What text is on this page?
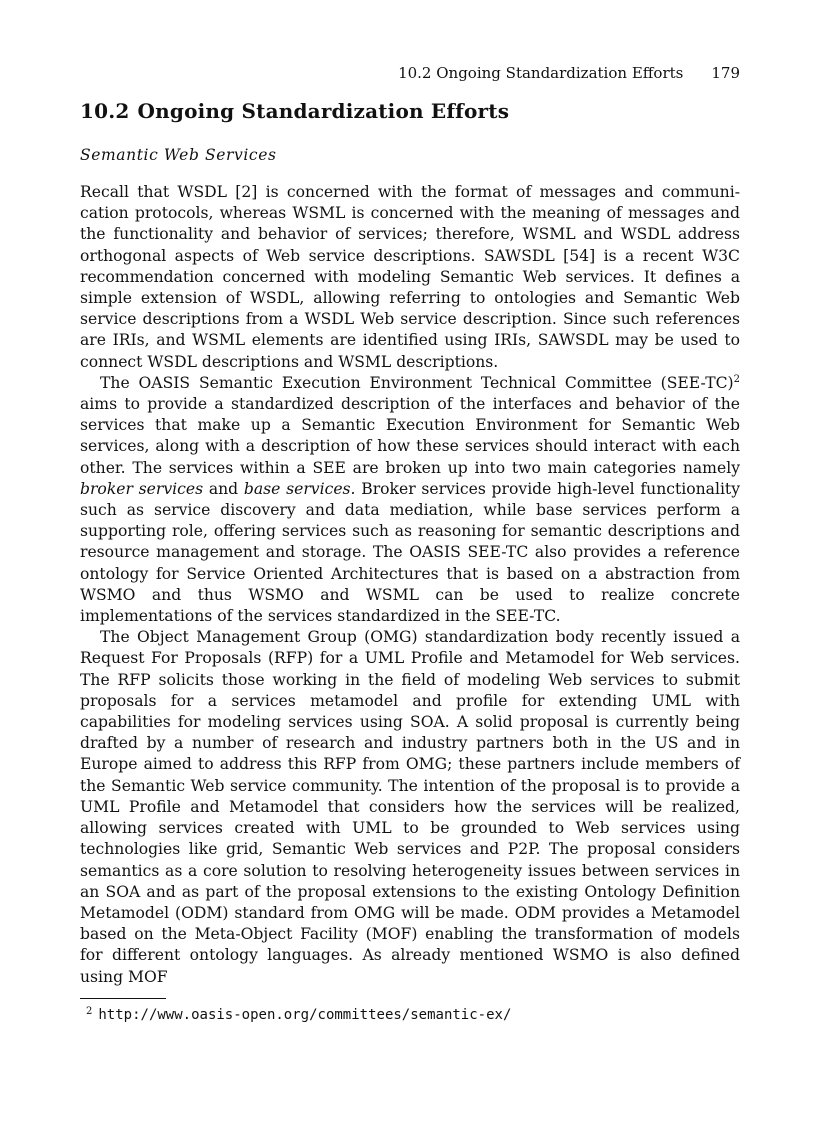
10.2 Ongoing Standardization Efforts 179
10.2 Ongoing Standardization Efforts
Semantic Web Services

Recall that WSDL [2] is concerned with the format of messages and communication protocols, whereas WSML is concerned with the meaning of messages and the functionality and behavior of services; therefore, WSML and WSDL address orthogonal aspects of Web service descriptions. SAWSDL [54] is a recent W3C recommendation concerned with modeling Semantic Web services. It defines a simple extension of WSDL, allowing referring to ontologies and Semantic Web service descriptions from a WSDL Web service description. Since such references are IRIs, and WSML elements are identified using IRIs, SAWSDL may be used to connect WSDL descriptions and WSML descriptions.

The OASIS Semantic Execution Environment Technical Committee $(SEE-TC)^2$ aims to provide a standardized description of the interfaces and behavior of the services that make up a Semantic Execution Environment for Semantic Web services, along with a description of how these services should interact with each other. The services within a SEE are broken up into two main categories namely broker services and base services. Broker services provide high-level functionality such as service discovery and data mediation, while base services perform a supporting role, offering services such as reasoning for semantic descriptions and resource management and storage. The OASIS SEE-TC also provides a reference ontology for Service Oriented Architectures that is based on a abstraction from WSMO and thus WSMO and WSML can be used to realize concrete implementations of the services standardized in the SEE-TC.

The Object Management Group (OMG) standardization body recently issued a Request For Proposals (RFP) for a UML Profile and Metamodel for Web services. The RFP solicits those working in the field of modeling Web services to submit proposals for a services metamodel and profile for extending UML with capabilities for modeling services using SOA. A solid proposal is currently being drafted by a number of research and industry partners both in the US and in Europe aimed to address this RFP from OMG; these partners include members of the Semantic Web service community. The intention of the proposal is to provide a UML Profile and Metamodel that considers how the services will be realized, allowing services created with UML to be grounded to Web services using technologies like grid, Semantic Web services and P2P. The proposal considers semantics as a core solution to resolving heterogeneity issues between services in an SOA and as part of the proposal extensions to the existing Ontology Definition Metamodel (ODM) standard from OMG will be made. ODM provides a Metamodel based on the Meta-Object Facility (MOF) enabling the transformation of models for different ontology languages. As already mentioned WSMO is also defined using MOF

$^2$ http://www.oasis-open.org/committees/semantic-ex/
